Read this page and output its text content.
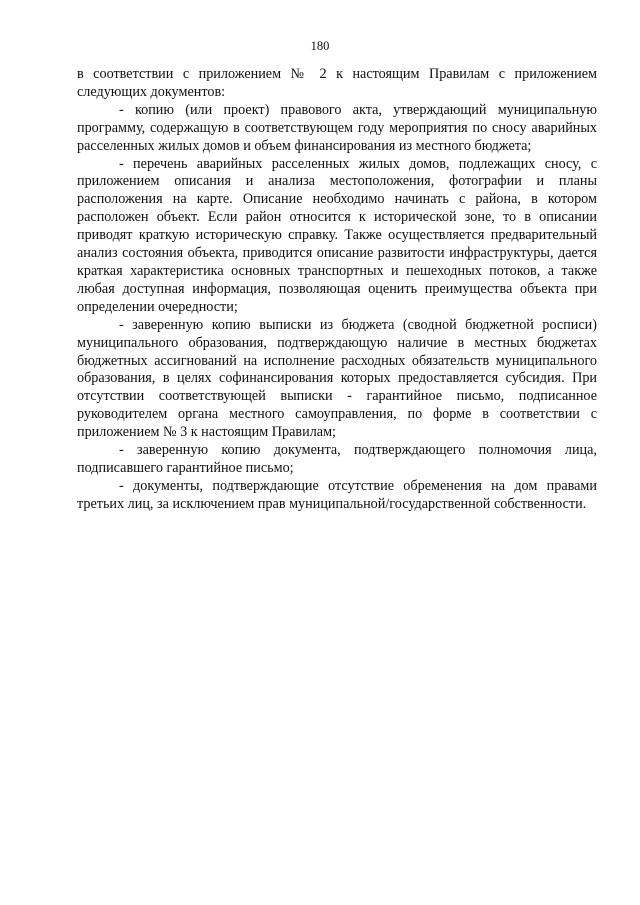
180

в соответствии с приложением № 2 к настоящим Правилам с приложением следующих документов:

- копию (или проект) правового акта, утверждающий муниципальную программу, содержащую в соответствующем году мероприятия по сносу аварийных расселенных жилых домов и объем финансирования из местного бюджета;

- перечень аварийных расселенных жилых домов, подлежащих сносу, с приложением описания и анализа местоположения, фотографии и планы расположения на карте. Описание необходимо начинать с района, в котором расположен объект. Если район относится к исторической зоне, то в описании приводят краткую историческую справку. Также осуществляется предварительный анализ состояния объекта, приводится описание развитости инфраструктуры, дается краткая характеристика основных транспортных и пешеходных потоков, а также любая доступная информация, позволяющая оценить преимущества объекта при определении очередности;

- заверенную копию выписки из бюджета (сводной бюджетной росписи) муниципального образования, подтверждающую наличие в местных бюджетах бюджетных ассигнований на исполнение расходных обязательств муниципального образования, в целях софинансирования которых предоставляется субсидия. При отсутствии соответствующей выписки - гарантийное письмо, подписанное руководителем органа местного самоуправления, по форме в соответствии с приложением № 3 к настоящим Правилам;

- заверенную копию документа, подтверждающего полномочия лица, подписавшего гарантийное письмо;

- документы, подтверждающие отсутствие обременения на дом правами третьих лиц, за исключением прав муниципальной/государственной собственности.
